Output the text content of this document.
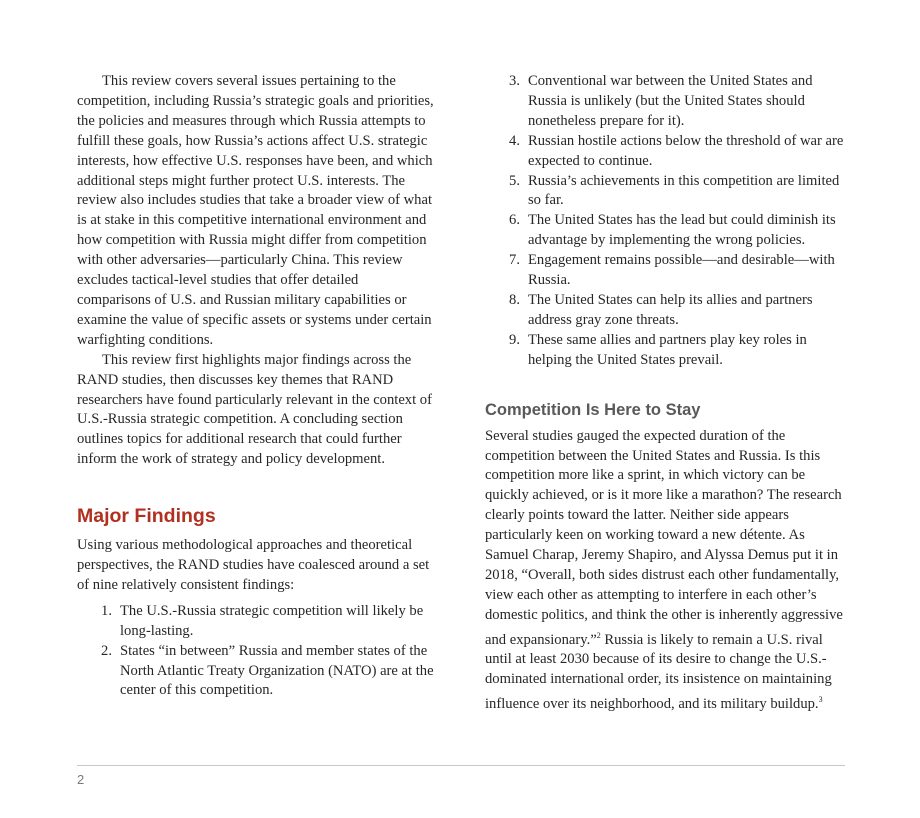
This review covers several issues pertaining to the competition, including Russia’s strategic goals and priorities, the policies and measures through which Russia attempts to fulfill these goals, how Russia’s actions affect U.S. strategic interests, how effective U.S. responses have been, and which additional steps might further protect U.S. interests. The review also includes studies that take a broader view of what is at stake in this competitive international environment and how competition with Russia might differ from competition with other adversaries—particularly China. This review excludes tactical-level studies that offer detailed comparisons of U.S. and Russian military capabilities or examine the value of specific assets or systems under certain warfighting conditions.

This review first highlights major findings across the RAND studies, then discusses key themes that RAND researchers have found particularly relevant in the context of U.S.-Russia strategic competition. A concluding section outlines topics for additional research that could further inform the work of strategy and policy development.

Major Findings

Using various methodological approaches and theoretical perspectives, the RAND studies have coalesced around a set of nine relatively consistent findings:

1. The U.S.-Russia strategic competition will likely be long-lasting.
2. States “in between” Russia and member states of the North Atlantic Treaty Organization (NATO) are at the center of this competition.
3. Conventional war between the United States and Russia is unlikely (but the United States should nonetheless prepare for it).
4. Russian hostile actions below the threshold of war are expected to continue.
5. Russia’s achievements in this competition are limited so far.
6. The United States has the lead but could diminish its advantage by implementing the wrong policies.
7. Engagement remains possible—and desirable—with Russia.
8. The United States can help its allies and partners address gray zone threats.
9. These same allies and partners play key roles in helping the United States prevail.
Competition Is Here to Stay

Several studies gauged the expected duration of the competition between the United States and Russia. Is this competition more like a sprint, in which victory can be quickly achieved, or is it more like a marathon? The research clearly points toward the latter. Neither side appears particularly keen on working toward a new détente. As Samuel Charap, Jeremy Shapiro, and Alyssa Demus put it in 2018, “Overall, both sides distrust each other fundamentally, view each other as attempting to interfere in each other’s domestic politics, and think the other is inherently aggressive and expansionary.”$^2$ Russia is likely to remain a U.S. rival until at least 2030 because of its desire to change the U.S.-dominated international order, its insistence on maintaining influence over its neighborhood, and its military buildup.$^3$

2
